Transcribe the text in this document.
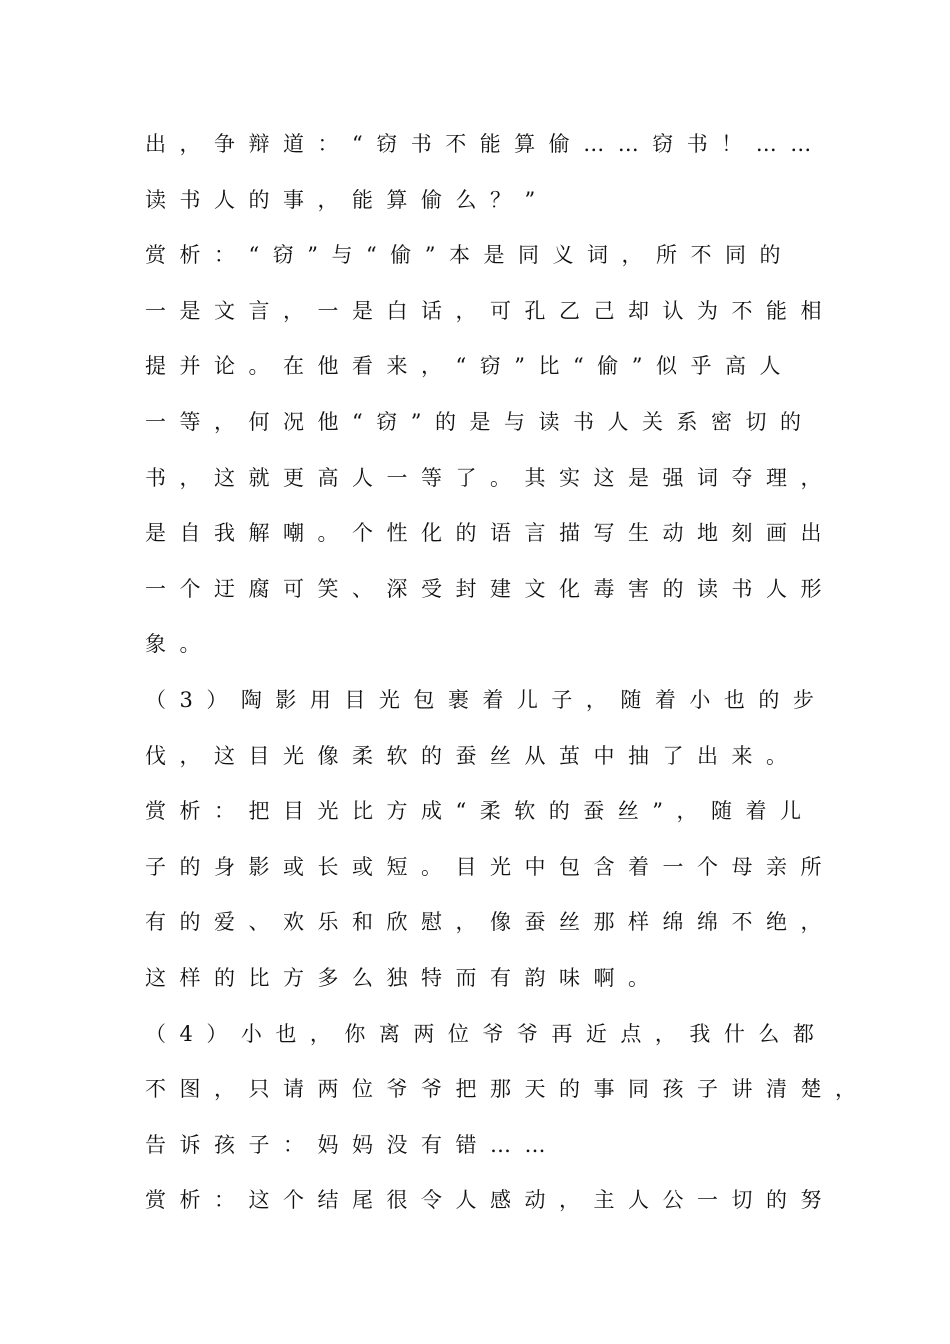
出，争辩道：“窃书不能算偷……窃书！……
读书人的事，能算偷么？”
赏析：“窃”与“偷”本是同义词，所不同的
一是文言，一是白话，可孔乙己却认为不能相
提并论。在他看来，“窃”比“偷”似乎高人
一等，何况他“窃”的是与读书人关系密切的
书，这就更高人一等了。其实这是强词夺理，
是自我解嘲。个性化的语言描写生动地刻画出
一个迂腐可笑、深受封建文化毒害的读书人形
象。
（3）陶影用目光包裹着儿子，随着小也的步
伐，这目光像柔软的蚕丝从茧中抽了出来。
赏析：把目光比方成“柔软的蚕丝”，随着儿
子的身影或长或短。目光中包含着一个母亲所
有的爱、欢乐和欣慰，像蚕丝那样绵绵不绝，
这样的比方多么独特而有韵味啊。
（4）小也，你离两位爷爷再近点，我什么都
不图，只请两位爷爷把那天的事同孩子讲清楚，
告诉孩子：妈妈没有错……
赏析：这个结尾很令人感动，主人公一切的努
